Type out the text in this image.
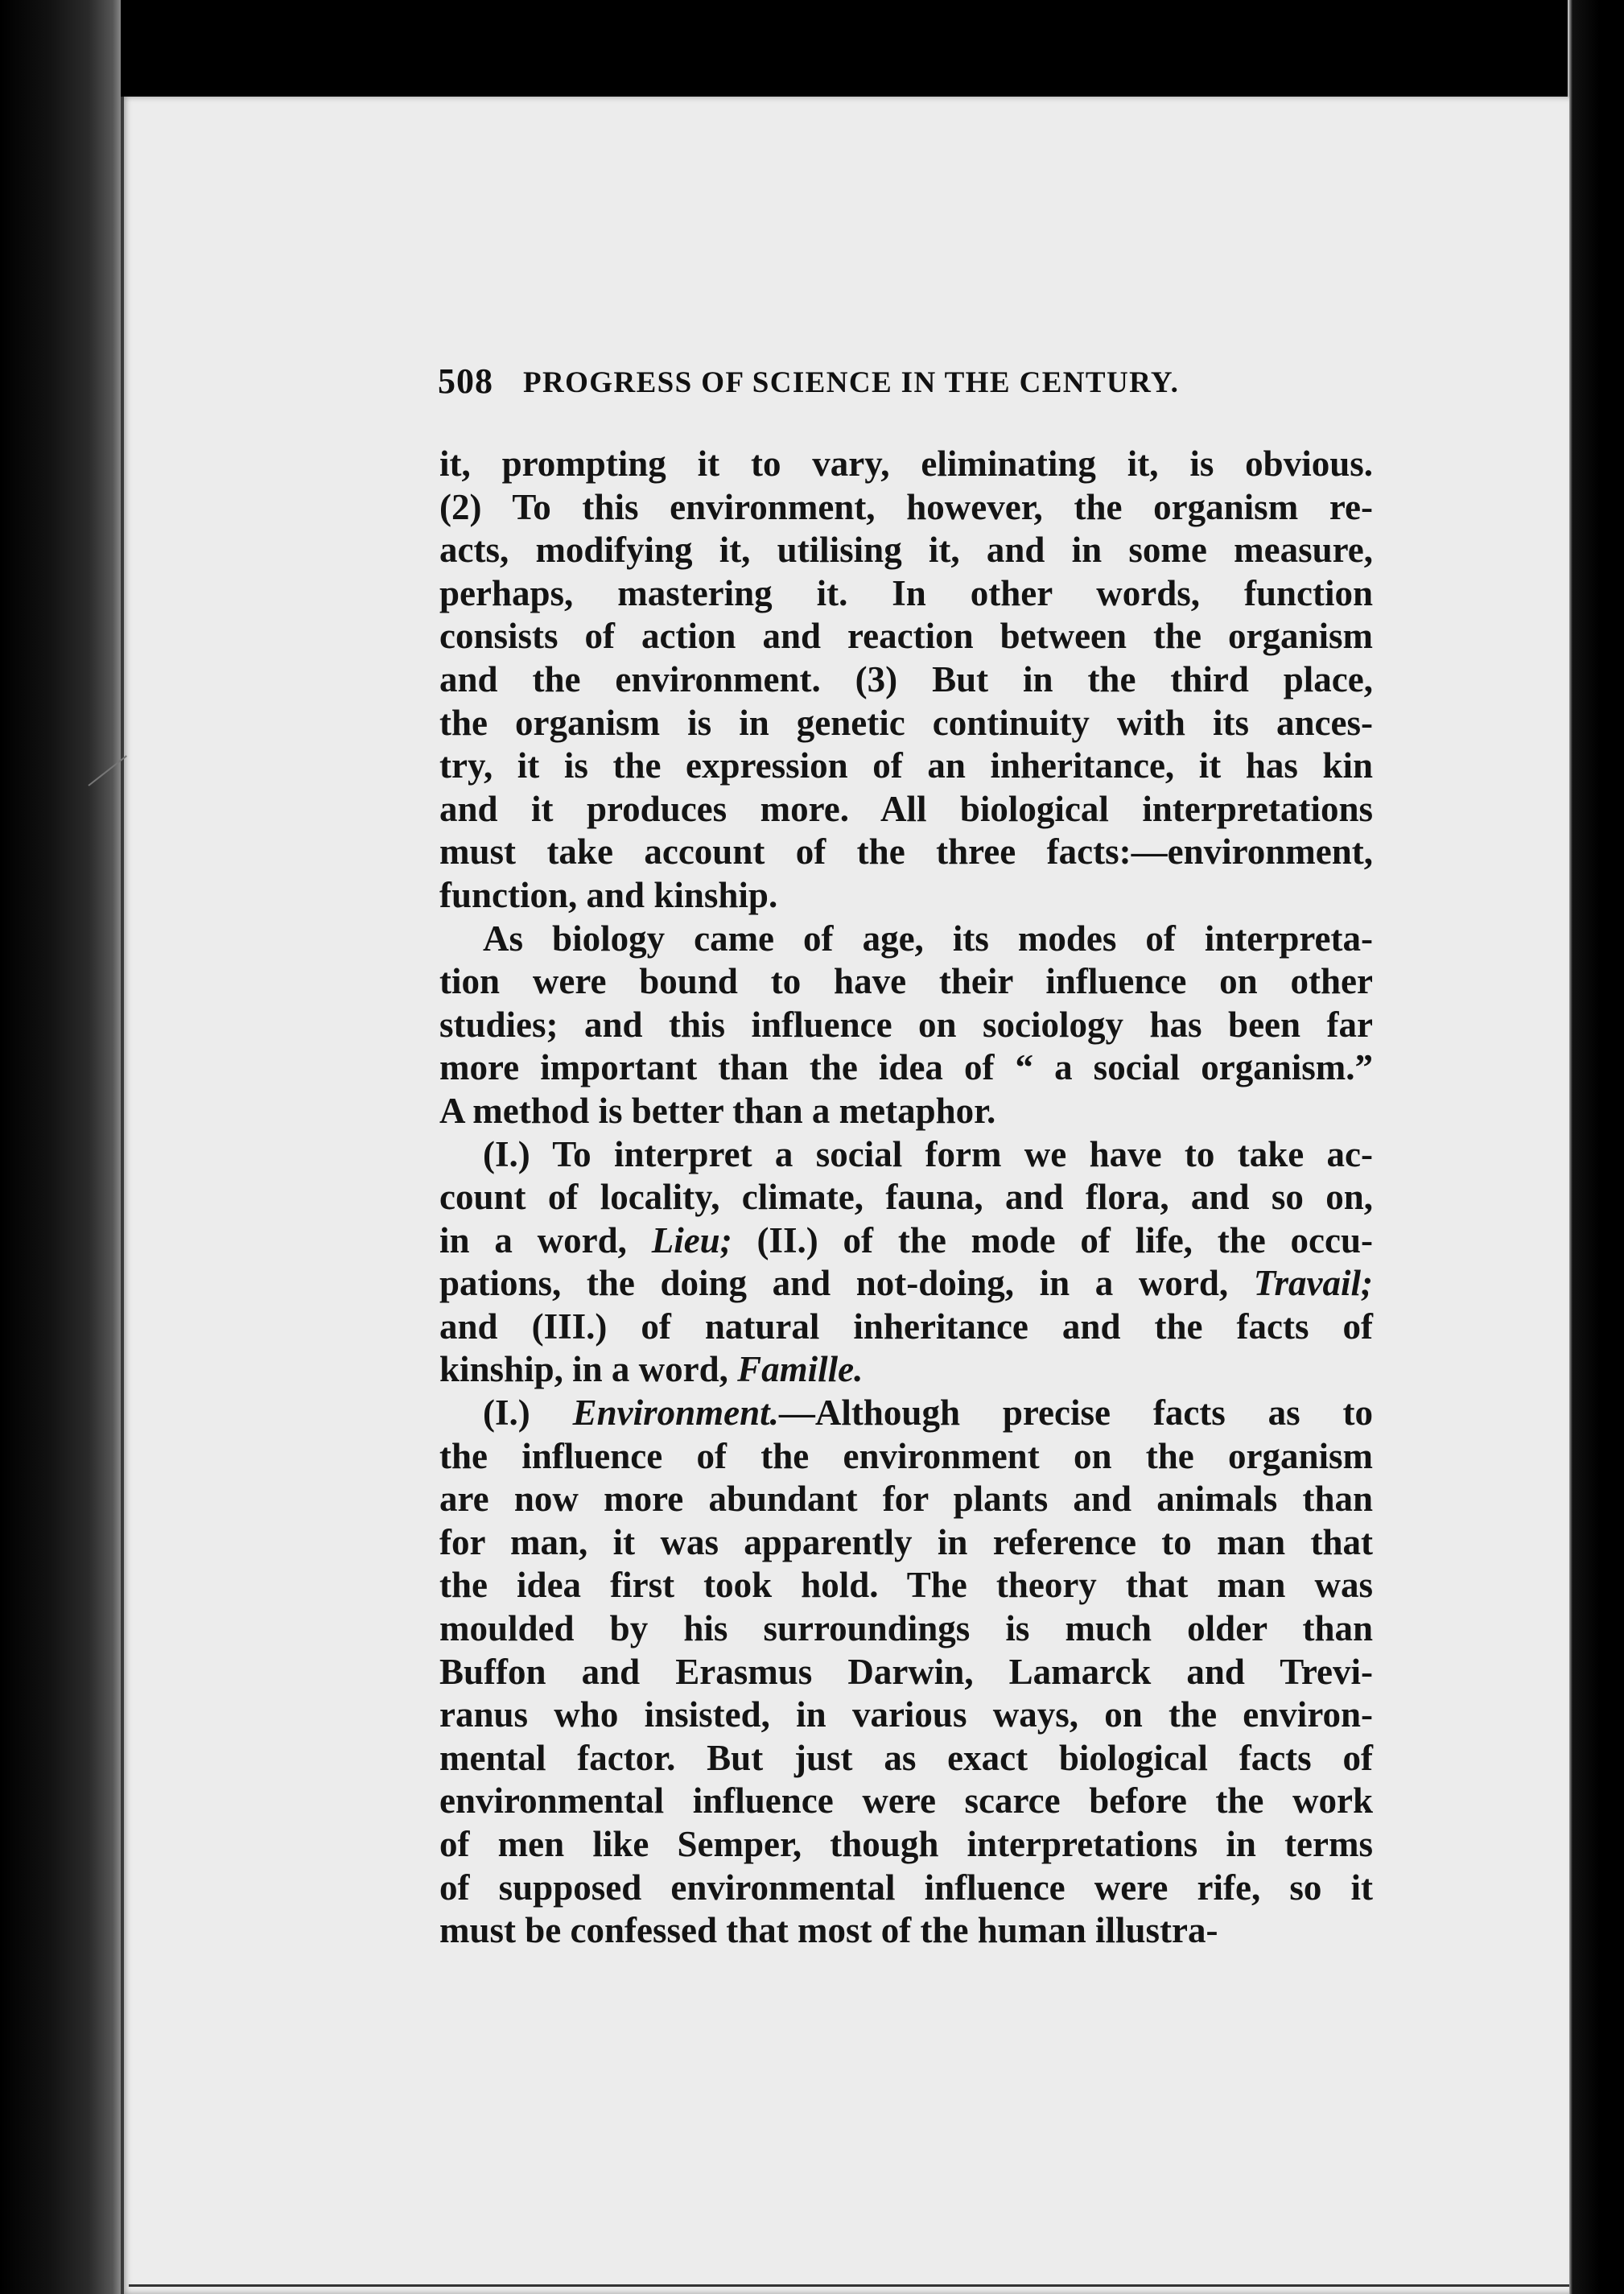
508 PROGRESS OF SCIENCE IN THE CENTURY.
it, prompting it to vary, eliminating it, is obvious.
(2) To this environment, however, the organism re-
acts, modifying it, utilising it, and in some measure,
perhaps, mastering it. In other words, function
consists of action and reaction between the organism
and the environment. (3) But in the third place,
the organism is in genetic continuity with its ances-
try, it is the expression of an inheritance, it has kin
and it produces more. All biological interpretations
must take account of the three facts:—environment,
function, and kinship.
As biology came of age, its modes of interpreta-
tion were bound to have their influence on other
studies; and this influence on sociology has been far
more important than the idea of “ a social organism.”
A method is better than a metaphor.
(I.) To interpret a social form we have to take ac-
count of locality, climate, fauna, and flora, and so on,
in a word, Lieu; (II.) of the mode of life, the occu-
pations, the doing and not-doing, in a word, Travail;
and (III.) of natural inheritance and the facts of
kinship, in a word, Famille.
(I.) Environment.—Although precise facts as to
the influence of the environment on the organism
are now more abundant for plants and animals than
for man, it was apparently in reference to man that
the idea first took hold. The theory that man was
moulded by his surroundings is much older than
Buffon and Erasmus Darwin, Lamarck and Trevi-
ranus who insisted, in various ways, on the environ-
mental factor. But just as exact biological facts of
environmental influence were scarce before the work
of men like Semper, though interpretations in terms
of supposed environmental influence were rife, so it
must be confessed that most of the human illustra-
